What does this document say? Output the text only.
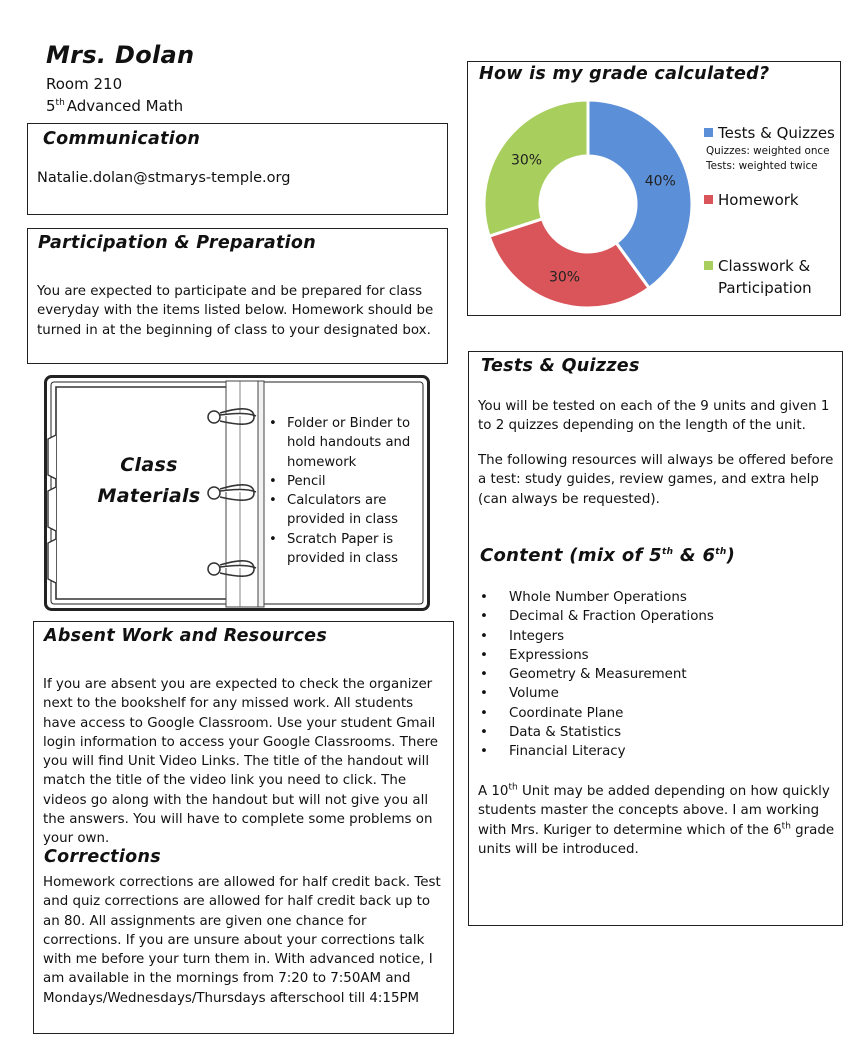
Mrs. Dolan
Room 210
5th Advanced Math
Communication
Natalie.dolan@stmarys-temple.org
Participation & Preparation

You are expected to participate and be prepared for class everyday with the items listed below. Homework should be turned in at the beginning of class to your designated box.

Class
Materials
• Folder or Binder to hold handouts and homework
• Pencil
• Calculators are provided in class
• Scratch Paper is provided in class
Absent Work and Resources

If you are absent you are expected to check the organizer next to the bookshelf for any missed work. All students have access to Google Classroom. Use your student Gmail login information to access your Google Classrooms. There you will find Unit Video Links. The title of the handout will match the title of the video link you need to click. The videos go along with the handout but will not give you all the answers. You will have to complete some problems on your own.

Corrections

Homework corrections are allowed for half credit back. Test and quiz corrections are allowed for half credit back up to an 80. All assignments are given one chance for corrections. If you are unsure about your corrections talk with me before your turn them in. With advanced notice, I am available in the mornings from 7:20 to 7:50AM and Mondays/Wednesdays/Thursdays afterschool till 4:15PM

How is my grade calculated?
40%
30%
30%
Tests & Quizzes
Quizzes: weighted once
Tests: weighted twice
Homework
Classwork & Participation
Tests & Quizzes

You will be tested on each of the 9 units and given 1 to 2 quizzes depending on the length of the unit.

The following resources will always be offered before a test: study guides, review games, and extra help (can always be requested).

Content (mix of 5th & 6th)
• Whole Number Operations
• Decimal & Fraction Operations
• Integers
• Expressions
• Geometry & Measurement
• Volume
• Coordinate Plane
• Data & Statistics
• Financial Literacy

A 10th Unit may be added depending on how quickly students master the concepts above. I am working with Mrs. Kuriger to determine which of the 6th grade units will be introduced.
